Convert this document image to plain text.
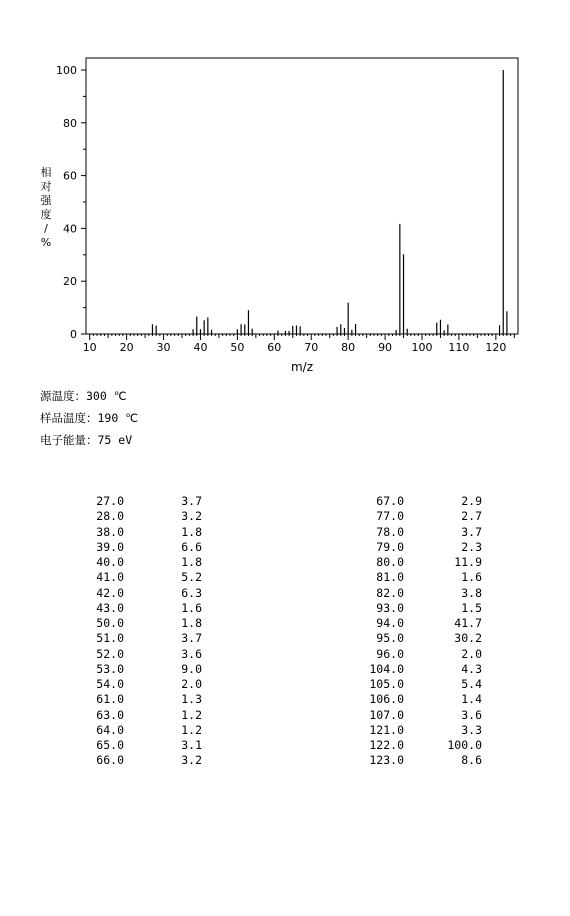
0
20
40
60
80
100
10 20 30 40 50 60 70 80 90 100 110 120
m/z
相对强度/ %
源温度：300 ℃
样品温度：190 ℃
电子能量：75 eV
27.0	3.7	67.0	2.9
28.0	3.2	77.0	2.7
38.0	1.8	78.0	3.7
39.0	6.6	79.0	2.3
40.0	1.8	80.0	11.9
41.0	5.2	81.0	1.6
42.0	6.3	82.0	3.8
43.0	1.6	93.0	1.5
50.0	1.8	94.0	41.7
51.0	3.7	95.0	30.2
52.0	3.6	96.0	2.0
53.0	9.0	104.0	4.3
54.0	2.0	105.0	5.4
61.0	1.3	106.0	1.4
63.0	1.2	107.0	3.6
64.0	1.2	121.0	3.3
65.0	3.1	122.0	100.0
66.0	3.2	123.0	8.6
